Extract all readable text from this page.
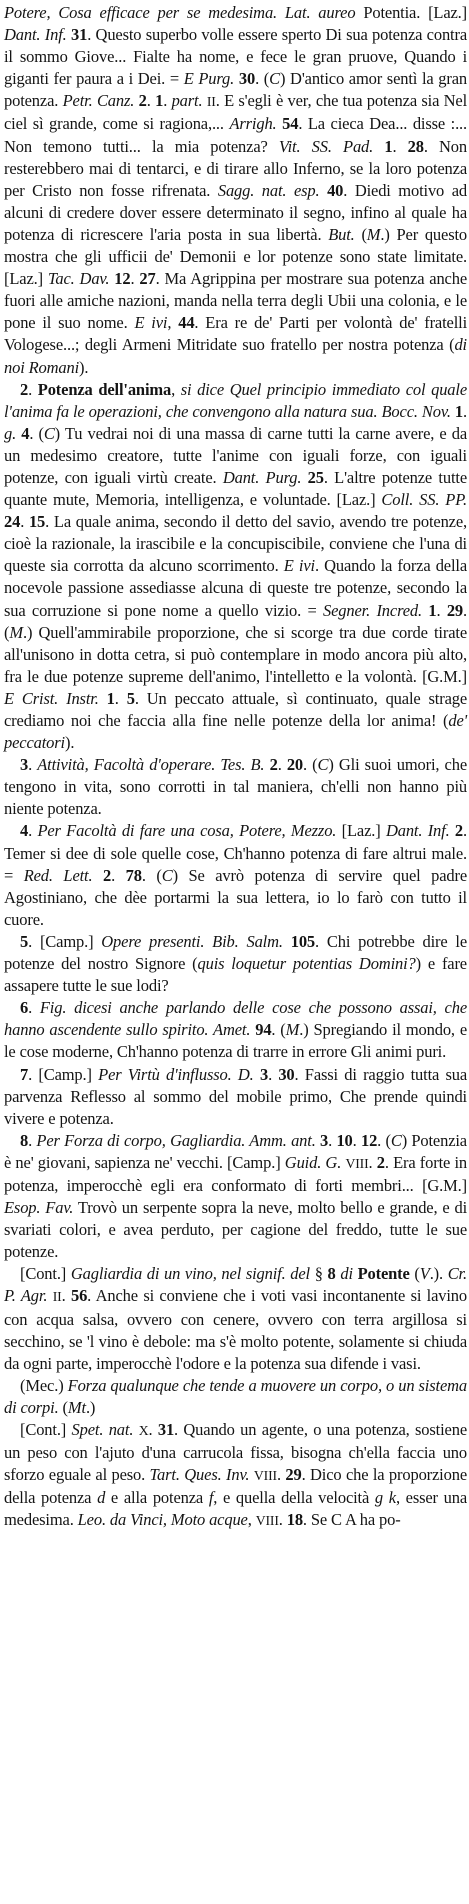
Potere, Cosa efficace per se medesima. Lat. aureo Potentia. [Laz.] Dant. Inf. 31. Questo superbo volle essere sperto Di sua potenza contra il sommo Giove... Fialte ha nome, e fece le gran pruove, Quando i giganti fer paura a i Dei. = E Purg. 30. (C) D'antico amor sentì la gran potenza. Petr. Canz. 2. 1. part. II. E s'egli è ver, che tua potenza sia Nel ciel sì grande, come si ragiona,... Arrigh. 54. La cieca Dea... disse :... Non temono tutti... la mia potenza? Vit. SS. Pad. 1. 28. Non resterebbero mai di tentarci, e di tirare allo Inferno, se la loro potenza per Cristo non fosse rifrenata. Sagg. nat. esp. 40. Diedi motivo ad alcuni di credere dover essere determinato il segno, infino al quale ha potenza di ricrescere l'aria posta in sua libertà. But. (M.) Per questo mostra che gli ufficii de' Demonii e lor potenze sono state limitate. [Laz.] Tac. Dav. 12. 27. Ma Agrippina per mostrare sua potenza anche fuori alle amiche nazioni, manda nella terra degli Ubii una colonia, e le pone il suo nome. E ivi, 44. Era re de' Parti per volontà de' fratelli Vologese...; degli Armeni Mitridate suo fratello per nostra potenza (di noi Romani).

2. Potenza dell'anima, si dice Quel principio immediato col quale l'anima fa le operazioni, che convengono alla natura sua. Bocc. Nov. 1. g. 4. (C) Tu vedrai noi di una massa di carne tutti la carne avere, e da un medesimo creatore, tutte l'anime con iguali forze, con iguali potenze, con iguali virtù create. Dant. Purg. 25. L'altre potenze tutte quante mute, Memoria, intelligenza, e voluntade. [Laz.] Coll. SS. PP. 24. 15. La quale anima, secondo il detto del savio, avendo tre potenze, cioè la razionale, la irascibile e la concupiscibile, conviene che l'una di queste sia corrotta da alcuno scorrimento. E ivi. Quando la forza della nocevole passione assediasse alcuna di queste tre potenze, secondo la sua corruzione si pone nome a quello vizio. = Segner. Incred. 1. 29. (M.) Quell'ammirabile proporzione, che si scorge tra due corde tirate all'unisono in dotta cetra, si può contemplare in modo ancora più alto, fra le due potenze supreme dell'animo, l'intelletto e la volontà. [G.M.] E Crist. Instr. 1. 5. Un peccato attuale, sì continuato, quale strage crediamo noi che faccia alla fine nelle potenze della lor anima! (de' peccatori).

3. Attività, Facoltà d'operare. Tes. B. 2. 20. (C) Gli suoi umori, che tengono in vita, sono corrotti in tal maniera, ch'elli non hanno più niente potenza.

4. Per Facoltà di fare una cosa, Potere, Mezzo. [Laz.] Dant. Inf. 2. Temer si dee di sole quelle cose, Ch'hanno potenza di fare altrui male. = Red. Lett. 2. 78. (C) Se avrò potenza di servire quel padre Agostiniano, che dèe portarmi la sua lettera, io lo farò con tutto il cuore.

5. [Camp.] Opere presenti. Bib. Salm. 105. Chi potrebbe dire le potenze del nostro Signore (quis loquetur potentias Domini?) e fare assapere tutte le sue lodi?

6. Fig. dicesi anche parlando delle cose che possono assai, che hanno ascendente sullo spirito. Amet. 94. (M.) Spregiando il mondo, e le cose moderne, Ch'hanno potenza di trarre in errore Gli animi puri.

7. [Camp.] Per Virtù d'influsso. D. 3. 30. Fassi di raggio tutta sua parvenza Reflesso al sommo del mobile primo, Che prende quindi vivere e potenza.

8. Per Forza di corpo, Gagliardia. Amm. ant. 3. 10. 12. (C) Potenzia è ne' giovani, sapienza ne' vecchi. [Camp.] Guid. G. VIII. 2. Era forte in potenza, imperocchè egli era conformato di forti membri... [G.M.] Esop. Fav. Trovò un serpente sopra la neve, molto bello e grande, e di svariati colori, e avea perduto, per cagione del freddo, tutte le sue potenze.

[Cont.] Gagliardia di un vino, nel signif. del § 8 di Potente (V.). Cr. P. Agr. II. 56. Anche si conviene che i voti vasi incontanente si lavino con acqua salsa, ovvero con cenere, ovvero con terra argillosa si secchino, se 'l vino è debole: ma s'è molto potente, solamente si chiuda da ogni parte, imperocchè l'odore e la potenza sua difende i vasi.

(Mec.) Forza qualunque che tende a muovere un corpo, o un sistema di corpi. (Mt.)

[Cont.] Spet. nat. X. 31. Quando un agente, o una potenza, sostiene un peso con l'ajuto d'una carrucola fissa, bisogna ch'ella faccia uno sforzo eguale al peso. Tart. Ques. Inv. VIII. 29. Dico che la proporzione della potenza d e alla potenza f, e quella della velocità g k, esser una medesima. Leo. da Vinci, Moto acque, VIII. 18. Se C A ha po-
